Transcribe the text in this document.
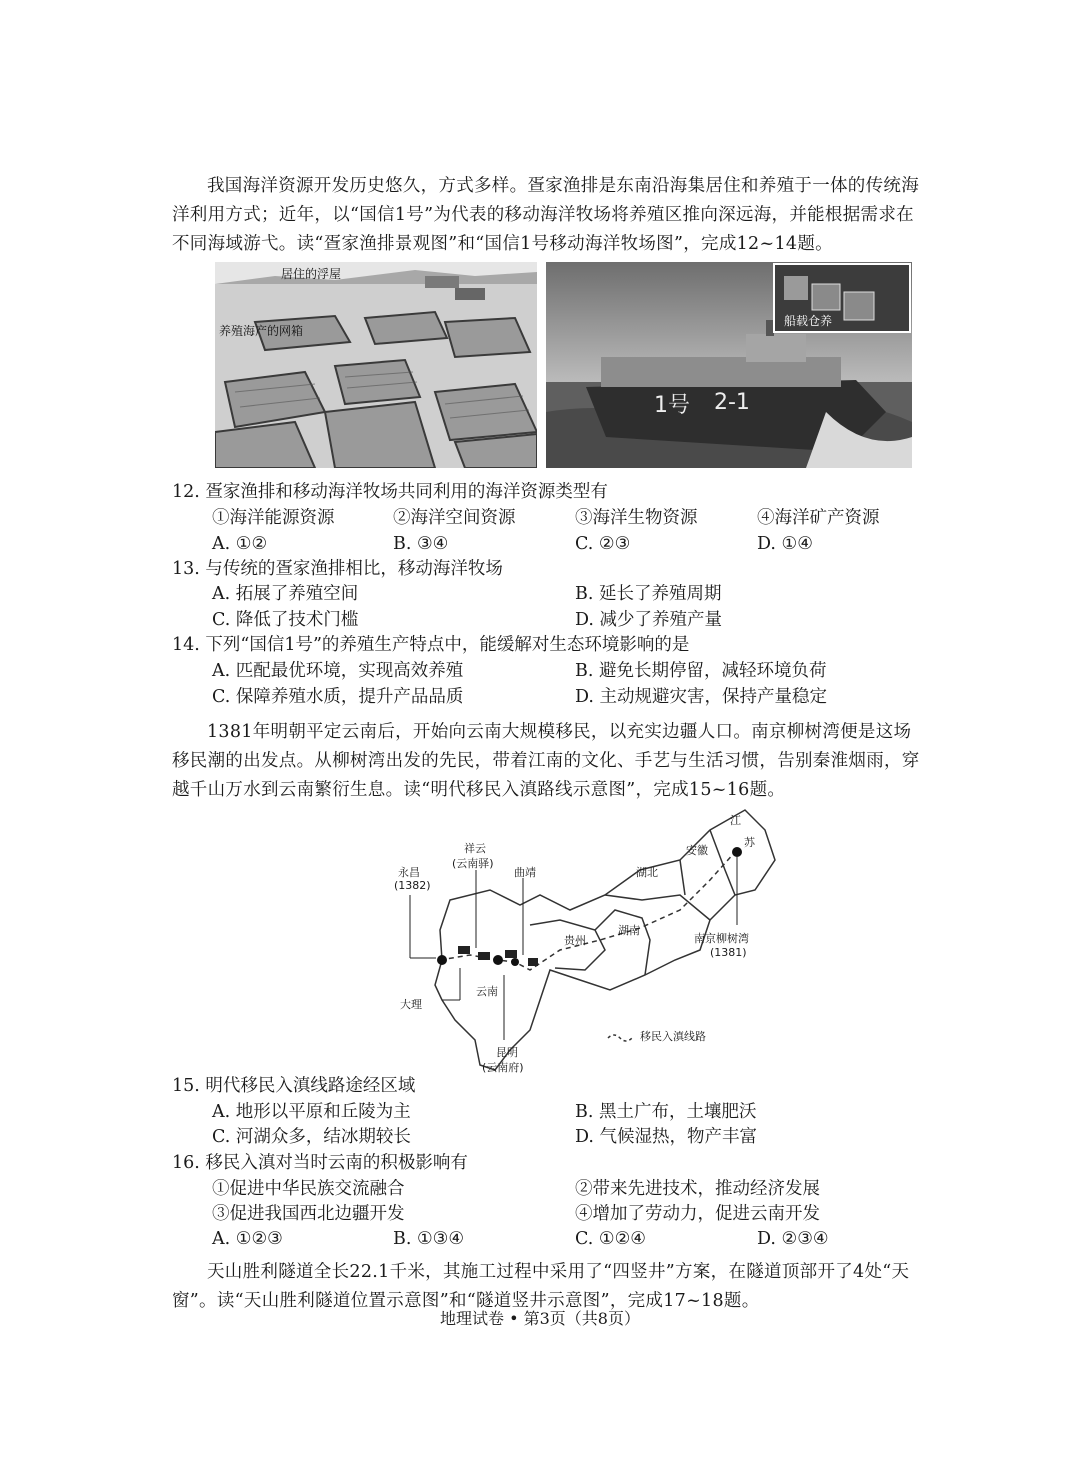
我国海洋资源开发历史悠久，方式多样。疍家渔排是东南沿海集居住和养殖于一体的传统海洋利用方式；近年，以“国信1号”为代表的移动海洋牧场将养殖区推向深远海，并能根据需求在不同海域游弋。读“疍家渔排景观图”和“国信1号移动海洋牧场图”，完成12~14题。

居住的浮屋
养殖海产的网箱
1号 2-1
船载仓养
12. 疍家渔排和移动海洋牧场共同利用的海洋资源类型有
①海洋能源资源	②海洋空间资源	③海洋生物资源	④海洋矿产资源
A. ①②	B. ③④	C. ②③	D. ①④
13. 与传统的疍家渔排相比，移动海洋牧场
A. 拓展了养殖空间	B. 延长了养殖周期
C. 降低了技术门槛	D. 减少了养殖产量
14. 下列“国信1号”的养殖生产特点中，能缓解对生态环境影响的是
A. 匹配最优环境，实现高效养殖	B. 避免长期停留，减轻环境负荷
C. 保障养殖水质，提升产品品质	D. 主动规避灾害，保持产量稳定

1381年明朝平定云南后，开始向云南大规模移民，以充实边疆人口。南京柳树湾便是这场移民潮的出发点。从柳树湾出发的先民，带着江南的文化、手艺与生活习惯，告别秦淮烟雨，穿越千山万水到云南繁衍生息。读“明代移民入滇路线示意图”，完成15~16题。

永昌
(1382)
祥云
(云南驿)
曲靖
大理
云南
昆明
(云南府)
贵州
湖南
湖北
安徽
江
苏
南京柳树湾
(1381)
移民入滇线路
15. 明代移民入滇线路途经区域
A. 地形以平原和丘陵为主	B. 黑土广布，土壤肥沃
C. 河湖众多，结冰期较长	D. 气候湿热，物产丰富
16. 移民入滇对当时云南的积极影响有
①促进中华民族交流融合	②带来先进技术，推动经济发展
③促进我国西北边疆开发	④增加了劳动力，促进云南开发
A. ①②③	B. ①③④	C. ①②④	D. ②③④

天山胜利隧道全长22.1千米，其施工过程中采用了“四竖井”方案，在隧道顶部开了4处“天窗”。读“天山胜利隧道位置示意图”和“隧道竖井示意图”，完成17~18题。

地理试卷 • 第3页（共8页）
